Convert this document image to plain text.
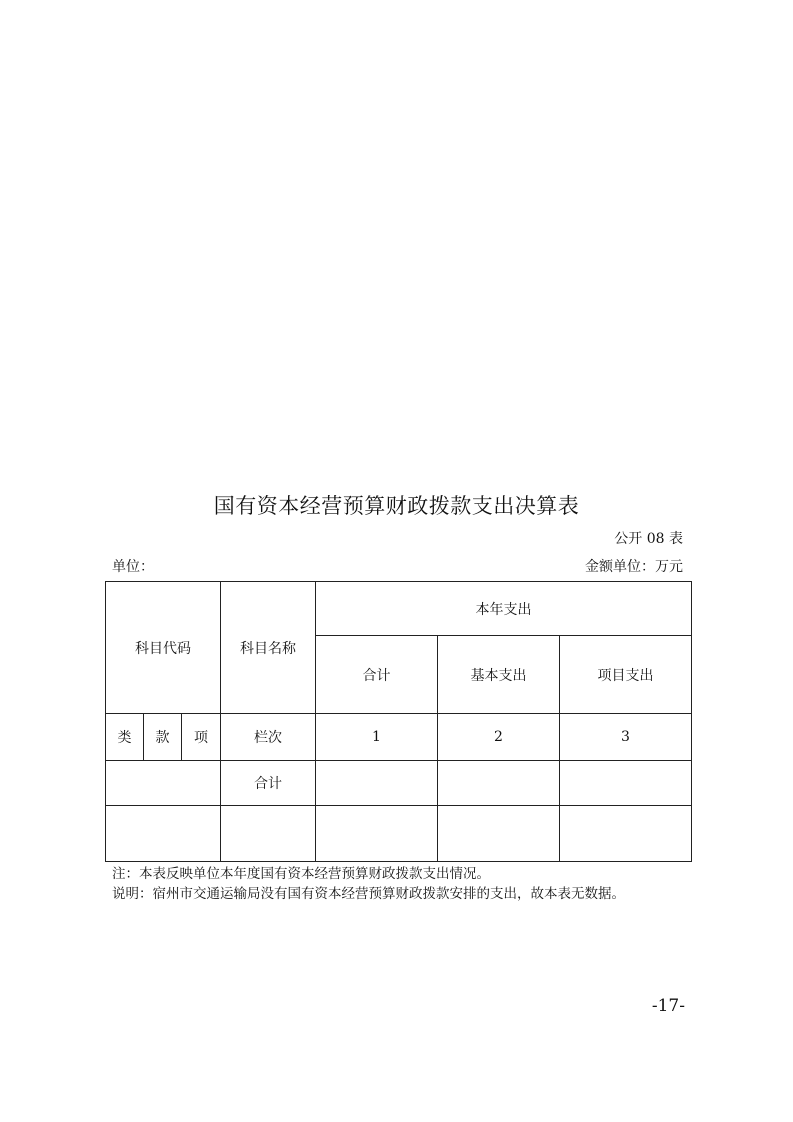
国有资本经营预算财政拨款支出决算表
公开 08 表
单位：	金额单位：万元
科目代码			科目名称	本年支出		
				合计	基本支出	项目支出
类	款	项	栏次	1	2	3
			合计			

注：本表反映单位本年度国有资本经营预算财政拨款支出情况。
说明：宿州市交通运输局没有国有资本经营预算财政拨款安排的支出，故本表无数据。
-17-
